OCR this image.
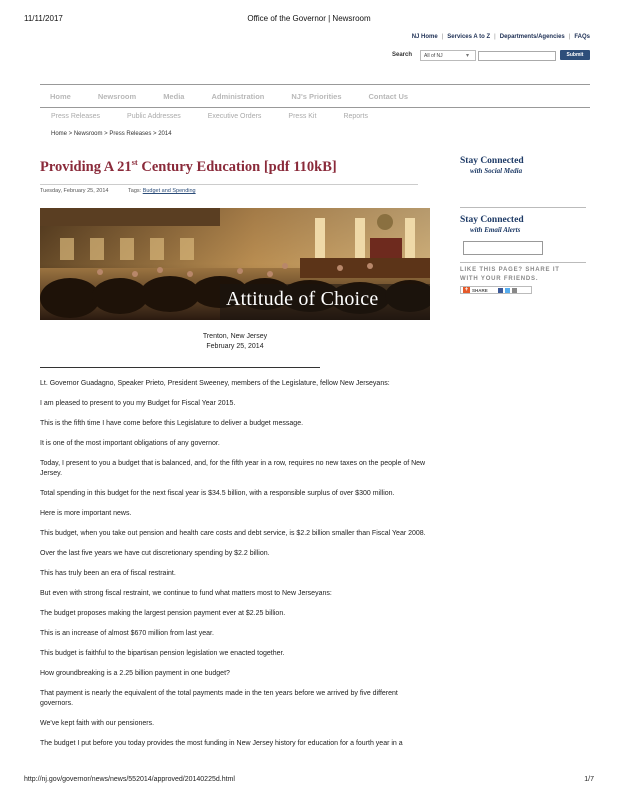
11/11/2017	Office of the Governor | Newsroom
NJ Home | Services A to Z | Departments/Agencies | FAQs
Search	All of NJ	▾	Submit
Home	Newsroom	Media	Administration	NJ's Priorities	Contact Us
Press Releases	Public Addresses	Executive Orders	Press Kit	Reports
Home > Newsroom > Press Releases > 2014
Providing A 21st Century Education [pdf 110kB]
Tuesday, February 25, 2014	Tags: Budget and Spending
Attitude of Choice
Trenton, New Jersey
February 25, 2014

Lt. Governor Guadagno, Speaker Prieto, President Sweeney, members of the Legislature, fellow New Jerseyans:

I am pleased to present to you my Budget for Fiscal Year 2015.

This is the fifth time I have come before this Legislature to deliver a budget message.

It is one of the most important obligations of any governor.

Today, I present to you a budget that is balanced, and, for the fifth year in a row, requires no new taxes on the people of New Jersey.

Total spending in this budget for the next fiscal year is $34.5 billion, with a responsible surplus of over $300 million.

Here is more important news.

This budget, when you take out pension and health care costs and debt service, is $2.2 billion smaller than Fiscal Year 2008.

Over the last five years we have cut discretionary spending by $2.2 billion.

This has truly been an era of fiscal restraint.

But even with strong fiscal restraint, we continue to fund what matters most to New Jerseyans:

The budget proposes making the largest pension payment ever at $2.25 billion.

This is an increase of almost $670 million from last year.

This budget is faithful to the bipartisan pension legislation we enacted together.

How groundbreaking is a 2.25 billion payment in one budget?

That payment is nearly the equivalent of the total payments made in the ten years before we arrived by five different governors.

We've kept faith with our pensioners.

The budget I put before you today provides the most funding in New Jersey history for education for a fourth year in a

Stay Connected
with Social Media
Stay Connected
with Email Alerts
LIKE THIS PAGE? SHARE IT
WITH YOUR FRIENDS.
+ SHARE
http://nj.gov/governor/news/news/552014/approved/20140225d.html	1/7
